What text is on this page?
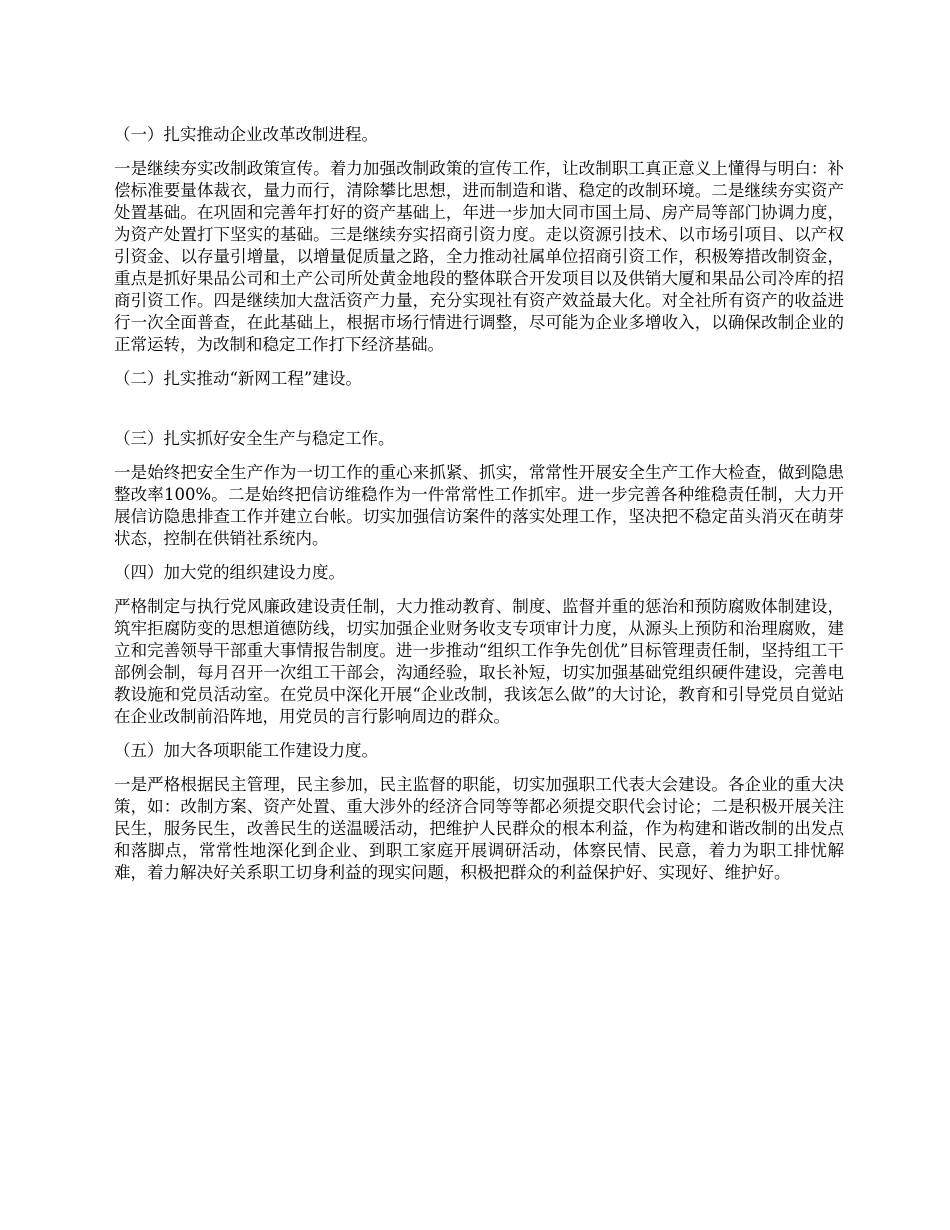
（一）扎实推动企业改革改制进程。
一是继续夯实改制政策宣传。着力加强改制政策的宣传工作，让改制职工真正意义上懂得与明白：补偿标准要量体裁衣，量力而行，清除攀比思想，进而制造和谐、稳定的改制环境。二是继续夯实资产处置基础。在巩固和完善年打好的资产基础上，年进一步加大同市国土局、房产局等部门协调力度，为资产处置打下坚实的基础。三是继续夯实招商引资力度。走以资源引技术、以市场引项目、以产权引资金、以存量引增量，以增量促质量之路，全力推动社属单位招商引资工作，积极筹措改制资金，重点是抓好果品公司和土产公司所处黄金地段的整体联合开发项目以及供销大厦和果品公司冷库的招商引资工作。四是继续加大盘活资产力量，充分实现社有资产效益最大化。对全社所有资产的收益进行一次全面普查，在此基础上，根据市场行情进行调整，尽可能为企业多增收入，以确保改制企业的正常运转，为改制和稳定工作打下经济基础。
（二）扎实推动“新网工程”建设。
（三）扎实抓好安全生产与稳定工作。
一是始终把安全生产作为一切工作的重心来抓紧、抓实，常常性开展安全生产工作大检查，做到隐患整改率100%。二是始终把信访维稳作为一件常常性工作抓牢。进一步完善各种维稳责任制，大力开展信访隐患排查工作并建立台帐。切实加强信访案件的落实处理工作，坚决把不稳定苗头消灭在萌芽状态，控制在供销社系统内。
（四）加大党的组织建设力度。
严格制定与执行党风廉政建设责任制，大力推动教育、制度、监督并重的惩治和预防腐败体制建设，筑牢拒腐防变的思想道德防线，切实加强企业财务收支专项审计力度，从源头上预防和治理腐败，建立和完善领导干部重大事情报告制度。进一步推动“组织工作争先创优”目标管理责任制，坚持组工干部例会制，每月召开一次组工干部会，沟通经验，取长补短，切实加强基础党组织硬件建设，完善电教设施和党员活动室。在党员中深化开展“企业改制，我该怎么做”的大讨论，教育和引导党员自觉站在企业改制前沿阵地，用党员的言行影响周边的群众。
（五）加大各项职能工作建设力度。
一是严格根据民主管理，民主参加，民主监督的职能，切实加强职工代表大会建设。各企业的重大决策，如：改制方案、资产处置、重大涉外的经济合同等等都必须提交职代会讨论；二是积极开展关注民生，服务民生，改善民生的送温暖活动，把维护人民群众的根本利益，作为构建和谐改制的出发点和落脚点，常常性地深化到企业、到职工家庭开展调研活动，体察民情、民意，着力为职工排忧解难，着力解决好关系职工切身利益的现实问题，积极把群众的利益保护好、实现好、维护好。
